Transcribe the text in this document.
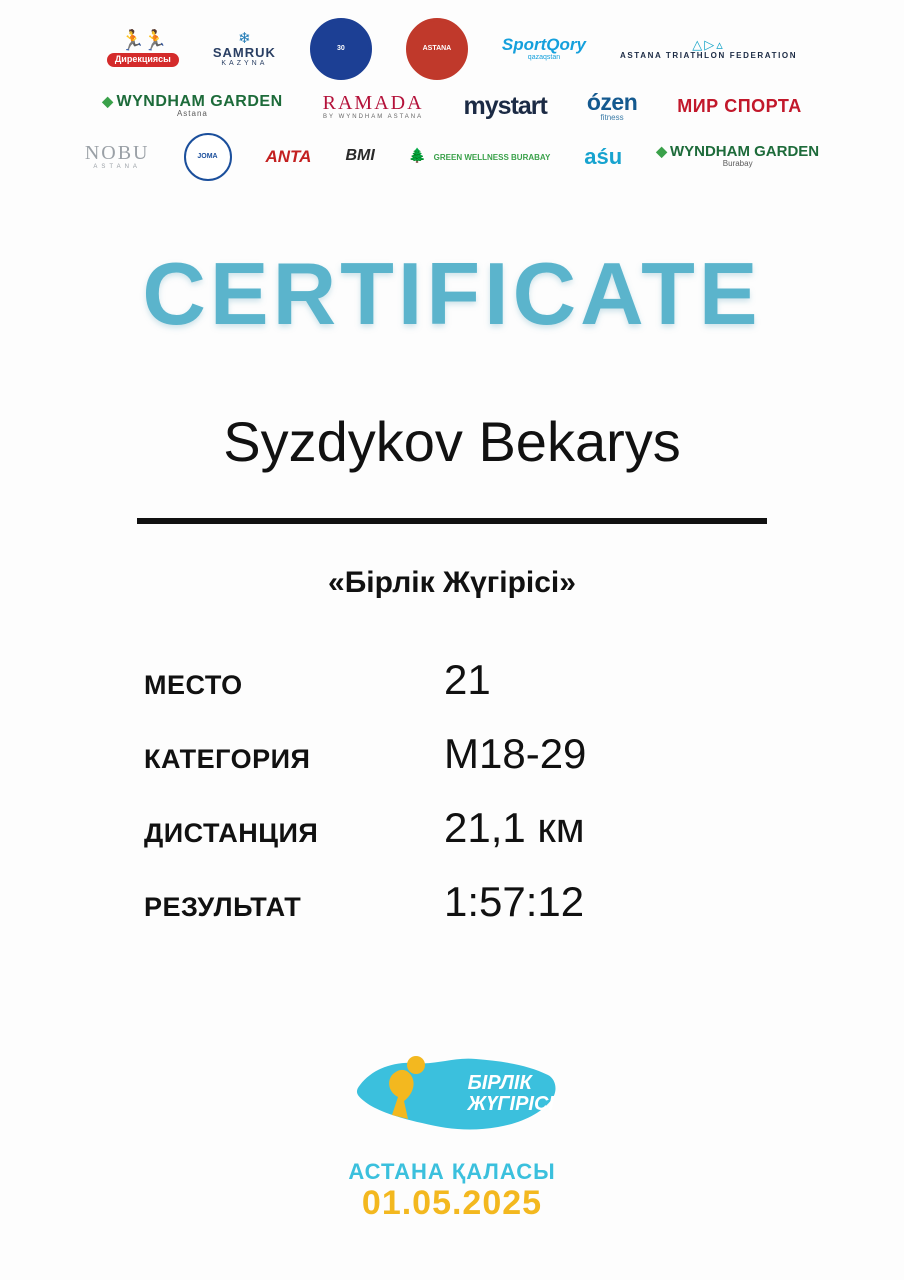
🏃🏃
Дирекциясы
❄
SAMRUK
KAZYNA
30	ASTANA	SportQory
qazaqstan
△▷▵
ASTANA TRIATHLON FEDERATION
◆ WYNDHAM GARDEN
Astana
RAMADA
BY WYNDHAM ASTANA mystart ózen
fitness
МИР СПОРТА
NOBU
ASTANA
JOMA	ANTA BMI 🌲 GREEN WELLNESS BURABAY aśu ◆ WYNDHAM GARDEN
Burabay
CERTIFICATE
Syzdykov Bekarys
«Бірлік Жүгірісі»
МЕСТО	21
КАТЕГОРИЯ	M18-29
ДИСТАНЦИЯ	21,1 км
РЕЗУЛЬТАТ	1:57:12
БІРЛІК
ЖҮГІРІСІ
АСТАНА ҚАЛАСЫ
01.05.2025
